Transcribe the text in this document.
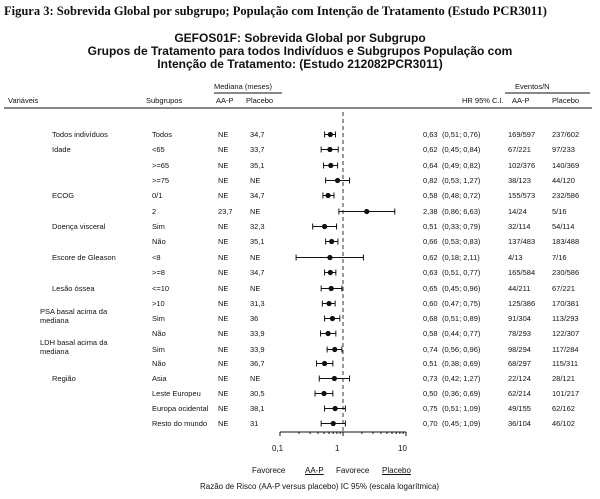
Figura 3: Sobrevida Global por subgrupo; População com Intenção de Tratamento (Estudo PCR3011)
GEFOS01F: Sobrevida Global por Subgrupo
Grupos de Tratamento para todos Indivíduos e Subgrupos População com
Intenção de Tratamento: (Estudo 212082PCR3011)
Mediana (meses)	Eventos/N
Variáveis	Subgrupos	AA-P Placebo	HR 95% C.I. AA-P	Placebo
Todos indivíduos	Todos	NE	34,7	0,63 (0,51; 0,76)	169/597 237/602
Idade	<65	NE	33,7	0,62 (0,45; 0,84)	67/221	97/233
>=65	NE	35,1	0,64 (0,49; 0,82)	102/376 140/369
>=75	NE	NE	0,82 (0,53; 1,27)	38/123	44/120
ECOG	0/1	NE	34,7	0,58 (0,48; 0,72)	155/573 232/586
2	23,7 NE	2,38 (0,86; 6,63)	14/24	5/16
Doença visceral	Sim	NE	32,3	0,51 (0,33; 0,79)	32/114	54/114
Não	NE	35,1	0,66 (0,53; 0,83)	137/483 183/488
Escore de Gleason	<8	NE	NE	0,62 (0,18; 2,11)	4/13	7/16
>=8	NE	34,7	0,63 (0,51, 0,77)	165/584 230/586
Lesão óssea	<=10	NE	NE	0,65 (0,45; 0,96)	44/211	67/221
>10	NE	31,3	0,60 (0,47; 0,75)	125/386 170/381
PSA basal acima da
mediana	Sim	NE	36	0,68 (0,51; 0,89)	91/304	113/293
Não	NE	33,9	0,58 (0,44; 0,77)	78/293	122/307
LDH basal acima da
mediana	Sim	NE	33,9	0,74 (0,56; 0,96)	98/294	117/284
Não	NE	36,7	0,51 (0,38; 0,69)	68/297	115/311
Região	Asia	NE	NE	0,73 (0,42; 1,27)	22/124	28/121
Leste Europeu NE	30,5	0,50 (0,36; 0,69)	62/214	101/217
Europa ocidental NE	38,1	0,75 (0,51; 1,09)	49/155	62/162
Resto do mundo NE	31	0,70 (0,45; 1,09)	36/104	46/102
0,1	1	10
Favorece AA-P Favorece Placebo
Razão de Risco (AA-P versus placebo) IC 95% (escala logarítmica)
